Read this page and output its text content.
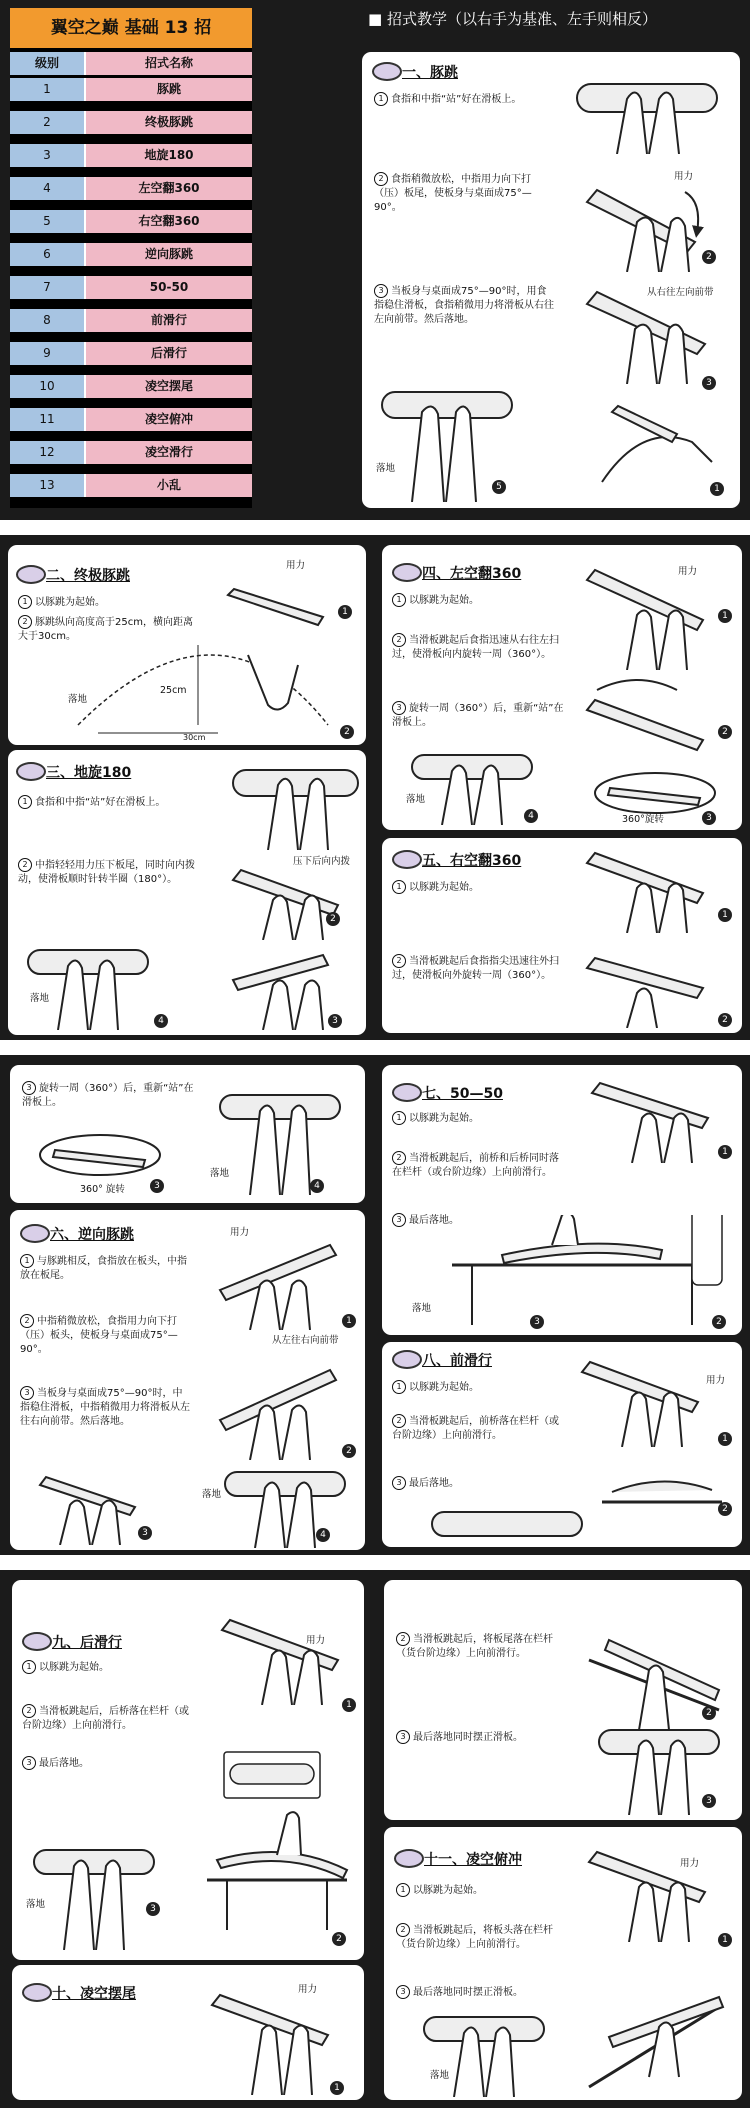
翼空之巅 基础 13 招
级别	招式名称
1	豚跳
2	终极豚跳
3	地旋180
4	左空翻360
5	右空翻360
6	逆向豚跳
7	50-50
8	前滑行
9	后滑行
10	凌空摆尾
11	凌空俯冲
12	凌空滑行
13	小乱
■ 招式教学（以右手为基准、左手则相反）
一、豚跳
1 食指和中指“站”好在滑板上。
2 食指稍微放松，中指用力向下打（压）板尾，使板身与桌面成75°—90°。
3 当板身与桌面成75°—90°时，用食指稳住滑板，食指稍微用力将滑板从右往左向前带。然后落地。
用力
2
从右往左向前带
3
落地
5	1
二、终极豚跳
1 以豚跳为起始。
2 豚跳纵向高度高于25cm，横向距离大于30cm。
用力
25cm
30cm
落地
1
2
三、地旋180
1 食指和中指“站”好在滑板上。
2 中指轻轻用力压下板尾，同时向内拨动，使滑板顺时针转半圈（180°）。
压下后向内拨
2
落地
4	3
四、左空翻360
1 以豚跳为起始。
2 当滑板跳起后食指迅速从右往左扫过，使滑板向内旋转一周（360°）。
3 旋转一周（360°）后，重新“站”在滑板上。
用力
1
2
落地
4	360°旋转	3
五、右空翻360
1 以豚跳为起始。
2 当滑板跳起后食指指尖迅速往外扫过，使滑板向外旋转一周（360°）。
1
2
3 旋转一周（360°）后，重新“站”在滑板上。
360° 旋转	3
落地
4
六、逆向豚跳
1 与豚跳相反，食指放在板头，中指放在板尾。
2 中指稍微放松，食指用力向下打（压）板头，使板身与桌面成75°—90°。
3 当板身与桌面成75°—90°时，中指稳住滑板，中指稍微用力将滑板从左往右向前带。然后落地。
用力
1
从左往右向前带
2
3
落地
4
七、50—50
1 以豚跳为起始。
2 当滑板跳起后，前桥和后桥同时落在栏杆（或台阶边缘）上向前滑行。
3 最后落地。
1
落地
3	2
八、前滑行
1 以豚跳为起始。
2 当滑板跳起后，前桥落在栏杆（或台阶边缘）上向前滑行。
3 最后落地。
用力
1
2
九、后滑行
1 以豚跳为起始。
2 当滑板跳起后，后桥落在栏杆（或台阶边缘）上向前滑行。
3 最后落地。
用力
1
2
落地	3
十、凌空摆尾	用力
1
2 当滑板跳起后，将板尾落在栏杆（货台阶边缘）上向前滑行。
3 最后落地同时摆正滑板。
2
3
十一、凌空俯冲
1 以豚跳为起始。
2 当滑板跳起后，将板头落在栏杆（货台阶边缘）上向前滑行。
3 最后落地同时摆正滑板。
用力
1
落地
